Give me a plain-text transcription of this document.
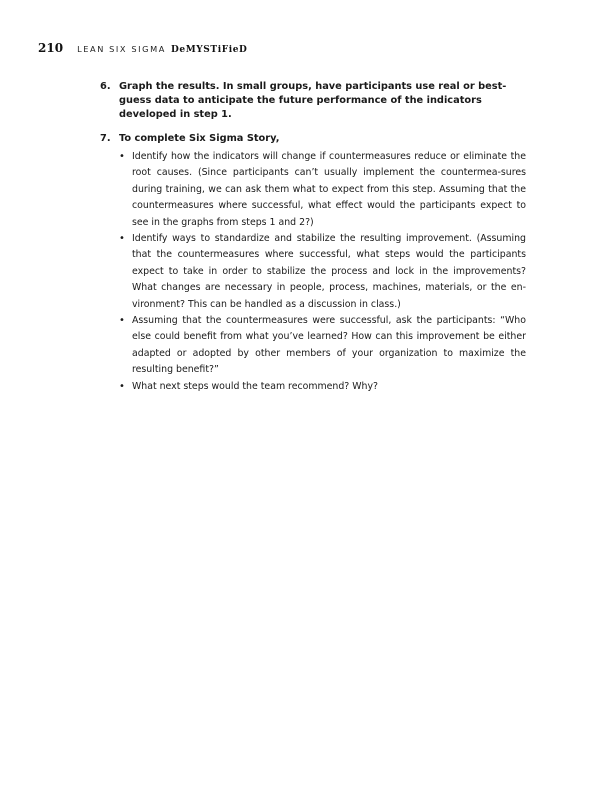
210 LEAN SIX SIGMA DeMYSTiFieD
6. Graph the results. In small groups, have participants use real or best-guess data to anticipate the future performance of the indicators developed in step 1.
7. To complete Six Sigma Story,
• Identify how the indicators will change if countermeasures reduce or eliminate the root causes. (Since participants can’t usually implement the countermea-sures during training, we can ask them what to expect from this step. Assuming that the countermeasures where successful, what effect would the participants expect to see in the graphs from steps 1 and 2?)
• Identify ways to standardize and stabilize the resulting improvement. (Assuming that the countermeasures where successful, what steps would the participants expect to take in order to stabilize the process and lock in the improvements? What changes are necessary in people, process, machines, materials, or the en-vironment? This can be handled as a discussion in class.)
• Assuming that the countermeasures were successful, ask the participants: “Who else could benefit from what you’ve learned? How can this improvement be either adapted or adopted by other members of your organization to maximize the resulting benefit?”
• What next steps would the team recommend? Why?
